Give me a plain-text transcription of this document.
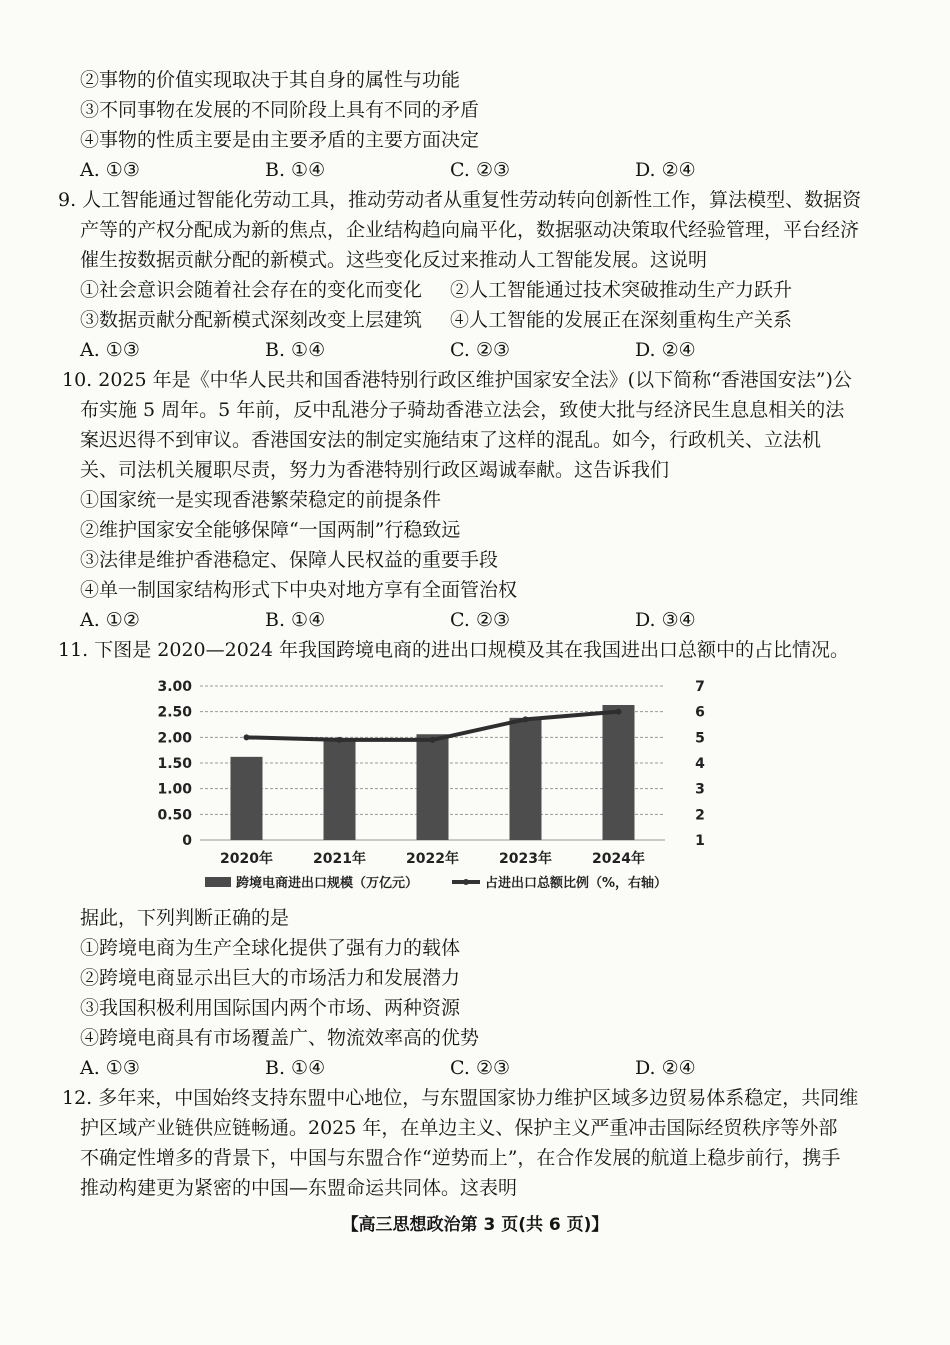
②事物的价值实现取决于其自身的属性与功能
③不同事物在发展的不同阶段上具有不同的矛盾
④事物的性质主要是由主要矛盾的主要方面决定
A. ①③	B. ①④	C. ②③	D. ②④
9. 人工智能通过智能化劳动工具，推动劳动者从重复性劳动转向创新性工作，算法模型、数据资
产等的产权分配成为新的焦点，企业结构趋向扁平化，数据驱动决策取代经验管理，平台经济
催生按数据贡献分配的新模式。这些变化反过来推动人工智能发展。这说明
①社会意识会随着社会存在的变化而变化 ②人工智能通过技术突破推动生产力跃升
③数据贡献分配新模式深刻改变上层建筑 ④人工智能的发展正在深刻重构生产关系
A. ①③	B. ①④	C. ②③	D. ②④
10. 2025 年是《中华人民共和国香港特别行政区维护国家安全法》(以下简称“香港国安法”)公
布实施 5 周年。5 年前，反中乱港分子骑劫香港立法会，致使大批与经济民生息息相关的法
案迟迟得不到审议。香港国安法的制定实施结束了这样的混乱。如今，行政机关、立法机
关、司法机关履职尽责，努力为香港特别行政区竭诚奉献。这告诉我们
①国家统一是实现香港繁荣稳定的前提条件
②维护国家安全能够保障“一国两制”行稳致远
③法律是维护香港稳定、保障人民权益的重要手段
④单一制国家结构形式下中央对地方享有全面管治权
A. ①②	B. ①④	C. ②③	D. ③④
11. 下图是 2020—2024 年我国跨境电商的进出口规模及其在我国进出口总额中的占比情况。
3.00
2.50
2.00
1.50
1.00
0.50
0
7
6
5
4
3
2
1
2020年	2021年	2022年	2023年	2024年
跨境电商进出口规模（万亿元）	占进出口总额比例（%，右轴）
据此，下列判断正确的是
①跨境电商为生产全球化提供了强有力的载体
②跨境电商显示出巨大的市场活力和发展潜力
③我国积极利用国际国内两个市场、两种资源
④跨境电商具有市场覆盖广、物流效率高的优势
A. ①③	B. ①④	C. ②③	D. ②④
12. 多年来，中国始终支持东盟中心地位，与东盟国家协力维护区域多边贸易体系稳定，共同维
护区域产业链供应链畅通。2025 年，在单边主义、保护主义严重冲击国际经贸秩序等外部
不确定性增多的背景下，中国与东盟合作“逆势而上”，在合作发展的航道上稳步前行，携手
推动构建更为紧密的中国—东盟命运共同体。这表明
【高三思想政治第 3 页(共 6 页)】
